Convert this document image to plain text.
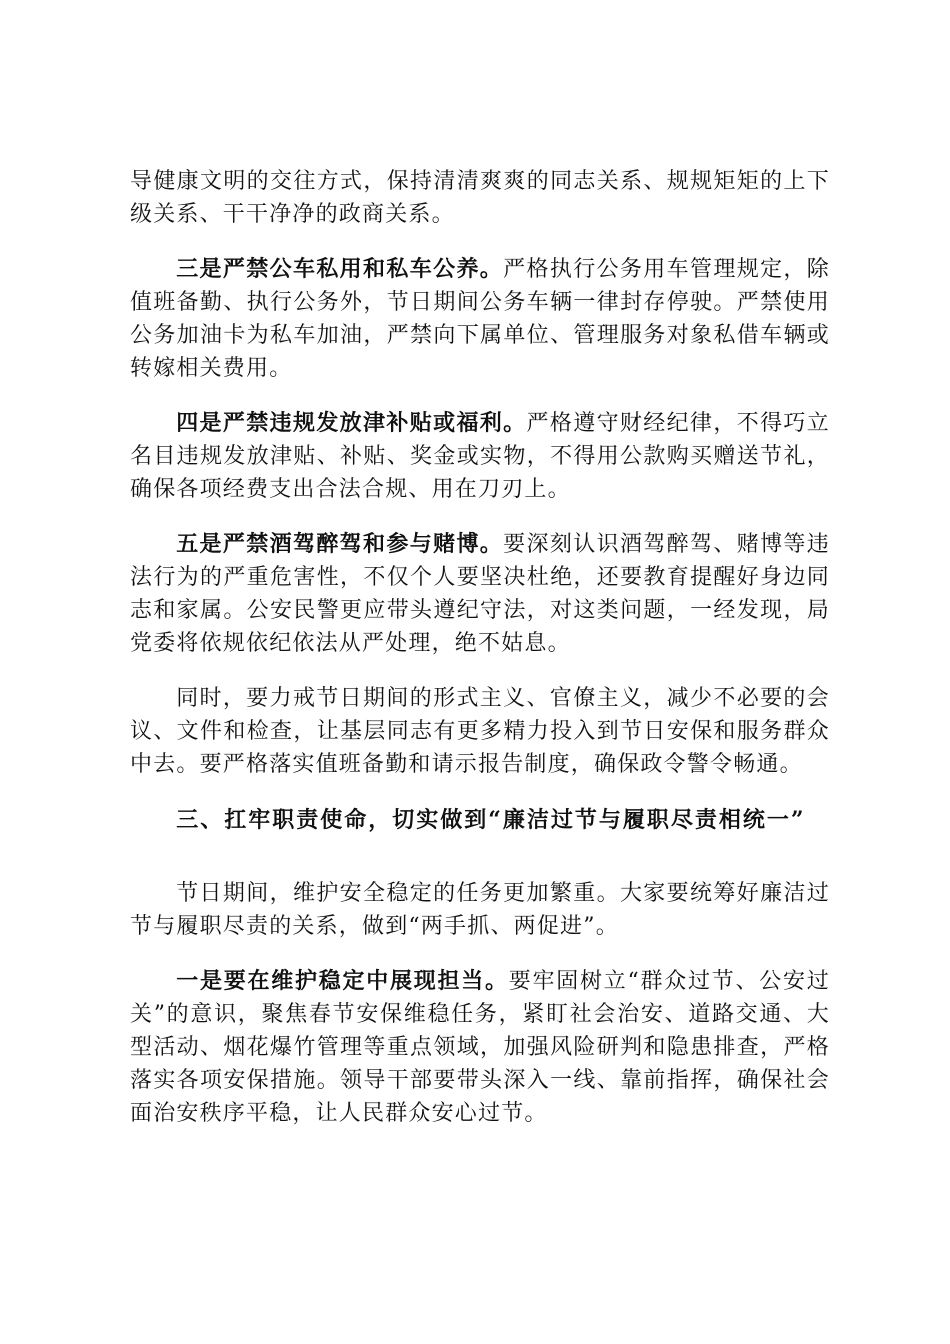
导健康文明的交往方式，保持清清爽爽的同志关系、规规矩矩的上下级关系、干干净净的政商关系。

三是严禁公车私用和私车公养。严格执行公务用车管理规定，除值班备勤、执行公务外，节日期间公务车辆一律封存停驶。严禁使用公务加油卡为私车加油，严禁向下属单位、管理服务对象私借车辆或转嫁相关费用。

四是严禁违规发放津补贴或福利。严格遵守财经纪律，不得巧立名目违规发放津贴、补贴、奖金或实物，不得用公款购买赠送节礼，确保各项经费支出合法合规、用在刀刃上。

五是严禁酒驾醉驾和参与赌博。要深刻认识酒驾醉驾、赌博等违法行为的严重危害性，不仅个人要坚决杜绝，还要教育提醒好身边同志和家属。公安民警更应带头遵纪守法，对这类问题，一经发现，局党委将依规依纪依法从严处理，绝不姑息。

同时，要力戒节日期间的形式主义、官僚主义，减少不必要的会议、文件和检查，让基层同志有更多精力投入到节日安保和服务群众中去。要严格落实值班备勤和请示报告制度，确保政令警令畅通。

三、扛牢职责使命，切实做到“廉洁过节与履职尽责相统一”

节日期间，维护安全稳定的任务更加繁重。大家要统筹好廉洁过节与履职尽责的关系，做到“两手抓、两促进”。

一是要在维护稳定中展现担当。要牢固树立“群众过节、公安过关”的意识，聚焦春节安保维稳任务，紧盯社会治安、道路交通、大型活动、烟花爆竹管理等重点领域，加强风险研判和隐患排查，严格落实各项安保措施。领导干部要带头深入一线、靠前指挥，确保社会面治安秩序平稳，让人民群众安心过节。
